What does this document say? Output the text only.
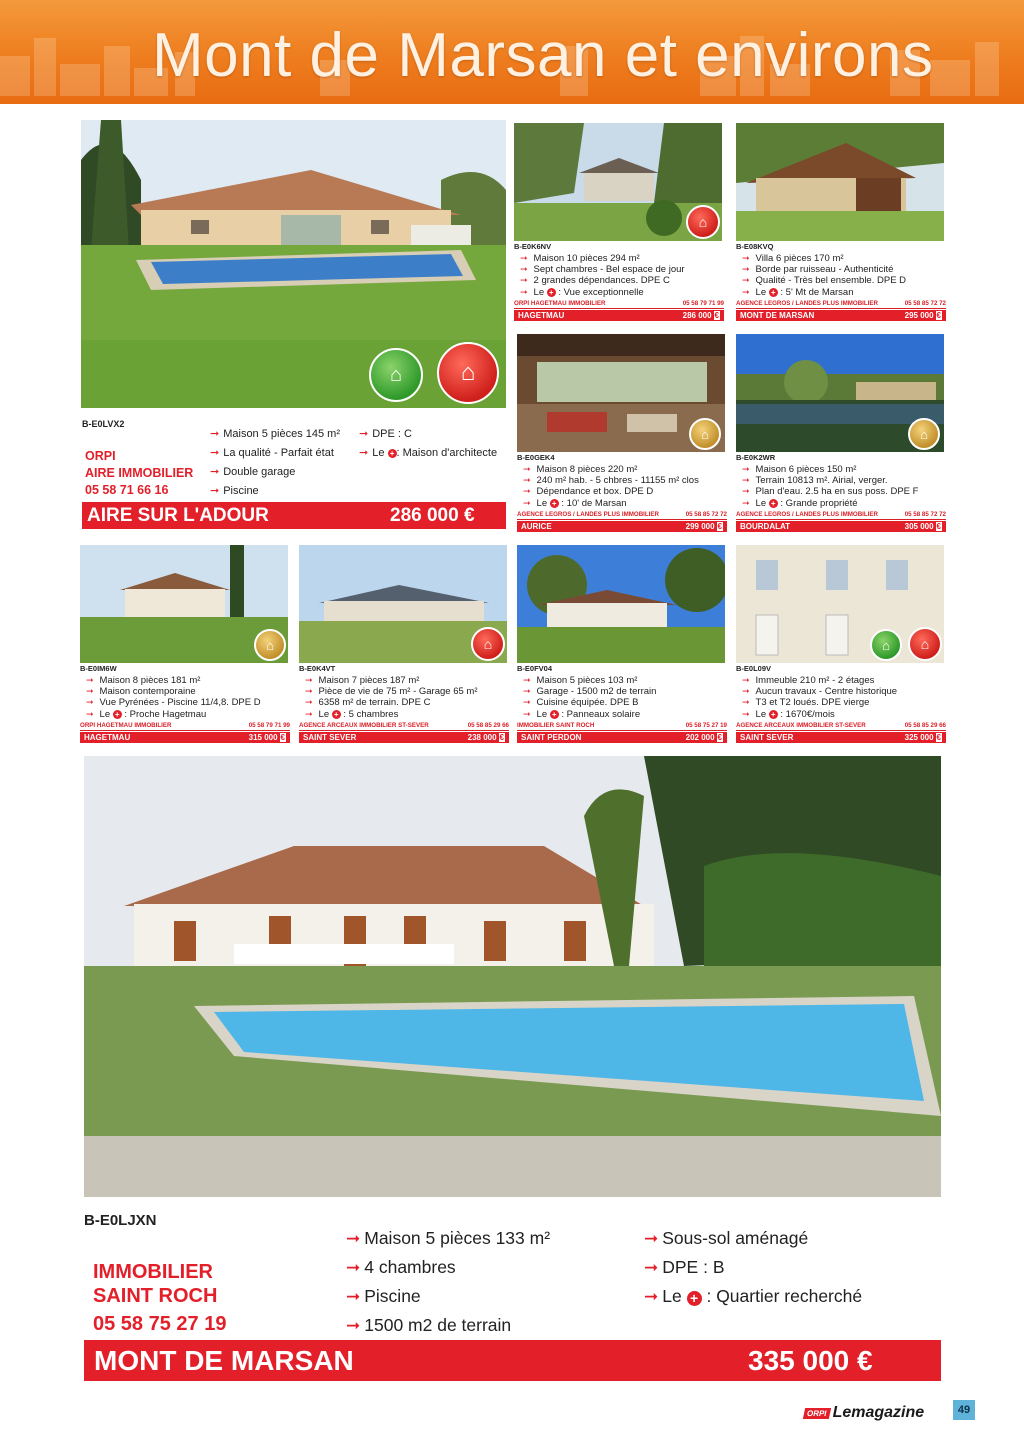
Mont de Marsan et environs
⌂	⌂
B-E0LVX2
ORPI
AIRE IMMOBILIER
05 58 71 66 16
➞ Maison 5 pièces 145 m²
➞ La qualité - Parfait état
➞ Double garage
➞ Piscine
➞ DPE : C
➞ Le + : Maison d'architecte
AIRE SUR L'ADOUR	286 000 €
⌂
⌂	⌂
⌂	⌂	⌂	⌂
B-E0K6NV
➞ Maison 10 pièces 294 m²
➞ Sept chambres - Bel espace de jour
➞ 2 grandes dépendances. DPE C
➞ Le + : Vue exceptionnelle
ORPI HAGETMAU IMMOBILIER	05 58 79 71 99
HAGETMAU	286 000 €
B-E08KVQ
➞ Villa 6 pièces 170 m²
➞ Borde par ruisseau - Authenticité
➞ Qualité - Très bel ensemble. DPE D
➞ Le + : 5' Mt de Marsan
AGENCE LEGROS / LANDES PLUS IMMOBILIER	05 58 85 72 72
MONT DE MARSAN	295 000 €
B-E0GEK4
➞ Maison 8 pièces 220 m²
➞ 240 m² hab. - 5 chbres - 11155 m² clos
➞ Dépendance et box. DPE D
➞ Le + : 10' de Marsan
AGENCE LEGROS / LANDES PLUS IMMOBILIER	05 58 85 72 72
AURICE	299 000 €
B-E0K2WR
➞ Maison 6 pièces 150 m²
➞ Terrain 10813 m². Airial, verger.
➞ Plan d'eau. 2.5 ha en sus poss. DPE F
➞ Le + : Grande propriété
AGENCE LEGROS / LANDES PLUS IMMOBILIER	05 58 85 72 72
BOURDALAT	305 000 €
B-E0IM6W
➞ Maison 8 pièces 181 m²
➞ Maison contemporaine
➞ Vue Pyrénées - Piscine 11/4,8. DPE D
➞ Le + : Proche Hagetmau
ORPI HAGETMAU IMMOBILIER	05 58 79 71 99
HAGETMAU	315 000 €
B-E0K4VT
➞ Maison 7 pièces 187 m²
➞ Pièce de vie de 75 m² - Garage 65 m²
➞ 6358 m² de terrain. DPE C
➞ Le + : 5 chambres
AGENCE ARCEAUX IMMOBILIER ST-SEVER	05 58 85 29 66
SAINT SEVER	238 000 €
B-E0FV04
➞ Maison 5 pièces 103 m²
➞ Garage - 1500 m2 de terrain
➞ Cuisine équipée. DPE B
➞ Le + : Panneaux solaire
IMMOBILIER SAINT ROCH	05 58 75 27 19
SAINT PERDON	202 000 €
B-E0L09V
➞ Immeuble 210 m² - 2 étages
➞ Aucun travaux - Centre historique
➞ T3 et T2 loués. DPE vierge
➞ Le + : 1670€/mois
AGENCE ARCEAUX IMMOBILIER ST-SEVER	05 58 85 29 66
SAINT SEVER	325 000 €
B-E0LJXN
IMMOBILIER
SAINT ROCH
05 58 75 27 19
➞ Maison 5 pièces 133 m²
➞ 4 chambres
➞ Piscine
➞ 1500 m2 de terrain
➞ Sous-sol aménagé
➞ DPE : B
➞ Le + : Quartier recherché
MONT DE MARSAN	335 000 €
ORPI Lemagazine	49
